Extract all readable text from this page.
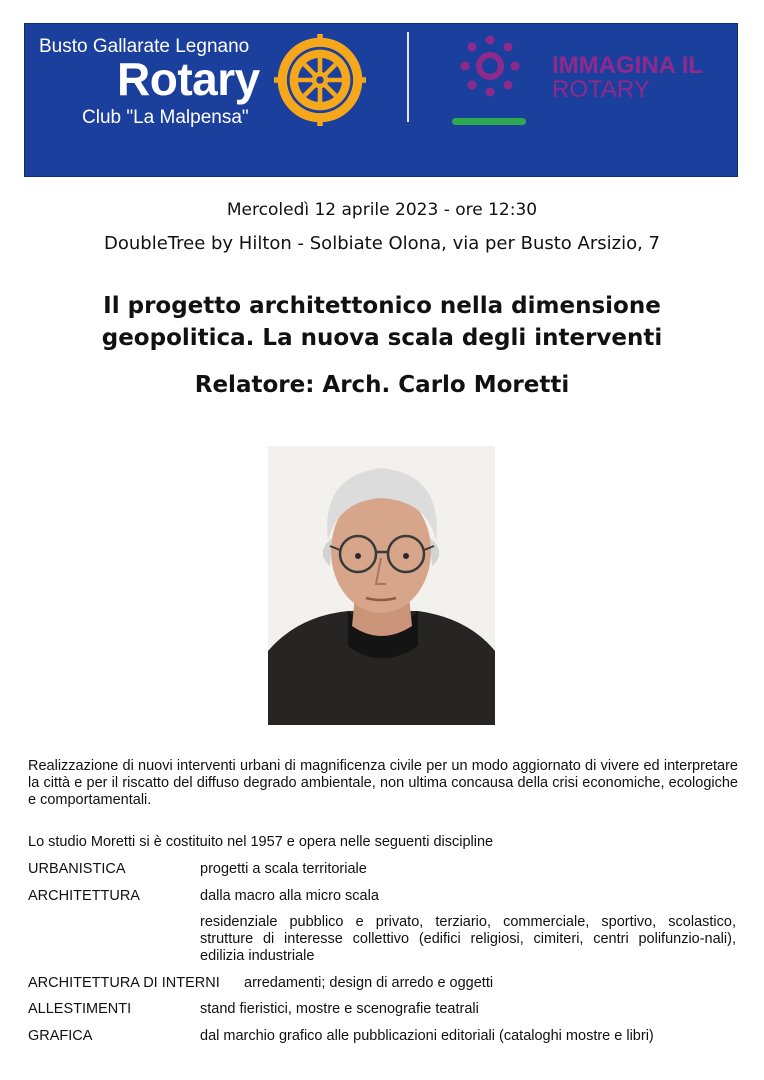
Busto Gallarate Legnano
Rotary
Club "La Malpensa"
IMMAGINA IL
ROTARY
Mercoledì 12 aprile 2023 - ore 12:30
DoubleTree by Hilton - Solbiate Olona, via per Busto Arsizio, 7
Il progetto architettonico nella dimensione geopolitica. La nuova scala degli interventi
Relatore: Arch. Carlo Moretti
Realizzazione di nuovi interventi urbani di magnificenza civile per un modo aggiornato di vivere ed interpretare la città e per il riscatto del diffuso degrado ambientale, non ultima concausa della crisi economiche, ecologiche e comportamentali.
Lo studio Moretti si è costituito nel 1957 e opera nelle seguenti discipline
URBANISTICA	progetti a scala territoriale
ARCHITETTURA	dalla macro alla micro scala
residenziale pubblico e privato, terziario, commerciale, sportivo, scolastico, strutture di interesse collettivo (edifici religiosi, cimiteri, centri polifunzio-nali), edilizia industriale
ARCHITETTURA DI INTERNI arredamenti; design di arredo e oggetti
ALLESTIMENTI	stand fieristici, mostre e scenografie teatrali
GRAFICA	dal marchio grafico alle pubblicazioni editoriali (cataloghi mostre e libri)
